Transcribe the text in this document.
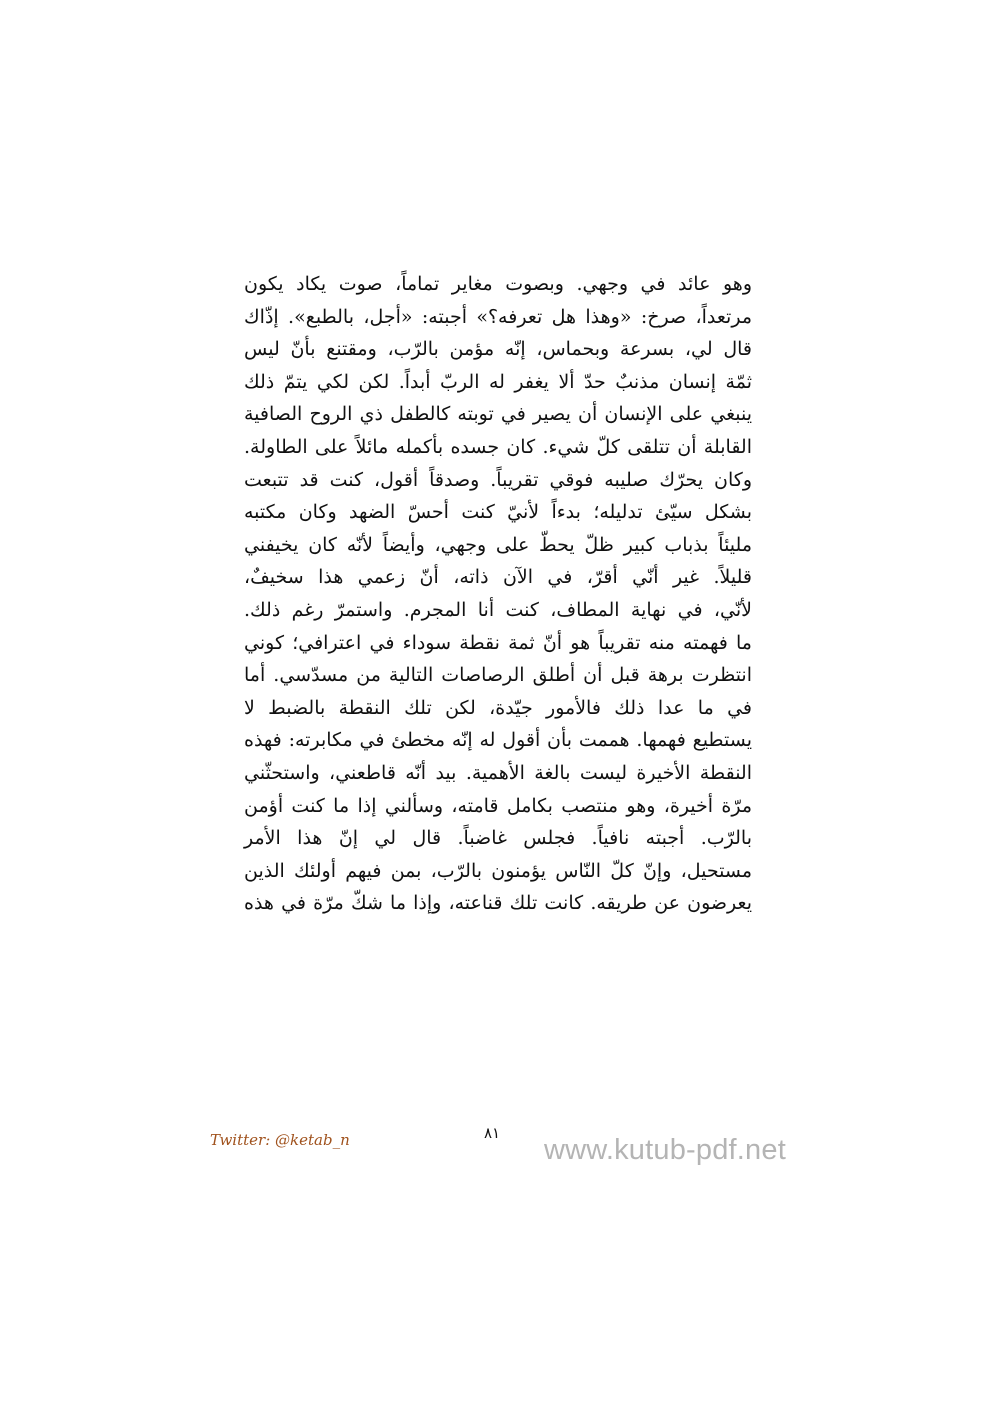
وهو عائد في وجهي. وبصوت مغاير تماماً، صوت يكاد يكون
مرتعداً، صرخ: «وهذا هل تعرفه؟» أجبته: «أجل، بالطبع». إذّاك
قال لي، بسرعة وبحماس، إنّه مؤمن بالرّب، ومقتنع بأنّ ليس
ثمّة إنسان مذنبٌ حدّ ألا يغفر له الربّ أبداً. لكن لكي يتمّ ذلك
ينبغي على الإنسان أن يصير في توبته كالطفل ذي الروح الصافية
القابلة أن تتلقى كلّ شيء. كان جسده بأكمله مائلاً على الطاولة.
وكان يحرّك صليبه فوقي تقريباً. وصدقاً أقول، كنت قد تتبعت
بشكل سيّئ تدليله؛ بدءاً لأنيّ كنت أحسّ الضهد وكان مكتبه
مليئاً بذباب كبير ظلّ يحطّ على وجهي، وأيضاً لأنّه كان يخيفني
قليلاً. غير أنّي أقرّ، في الآن ذاته، أنّ زعمي هذا سخيفٌ،
لأنّي، في نهاية المطاف، كنت أنا المجرم. واستمرّ رغم ذلك.
ما فهمته منه تقريباً هو أنّ ثمة نقطة سوداء في اعترافي؛ كوني
انتظرت برهة قبل أن أطلق الرصاصات التالية من مسدّسي. أما
في ما عدا ذلك فالأمور جيّدة، لكن تلك النقطة بالضبط لا
يستطيع فهمها. هممت بأن أقول له إنّه مخطئ في مكابرته: فهذه
النقطة الأخيرة ليست بالغة الأهمية. بيد أنّه قاطعني، واستحثّني
مرّة أخيرة، وهو منتصب بكامل قامته، وسألني إذا ما كنت أؤمن
بالرّب. أجبته نافياً. فجلس غاضباً. قال لي إنّ هذا الأمر
مستحيل، وإنّ كلّ النّاس يؤمنون بالرّب، بمن فيهم أولئك الذين
يعرضون عن طريقه. كانت تلك قناعته، وإذا ما شكّ مرّة في هذه
Twitter: @ketab_n	٨١
www.kutub-pdf.net
